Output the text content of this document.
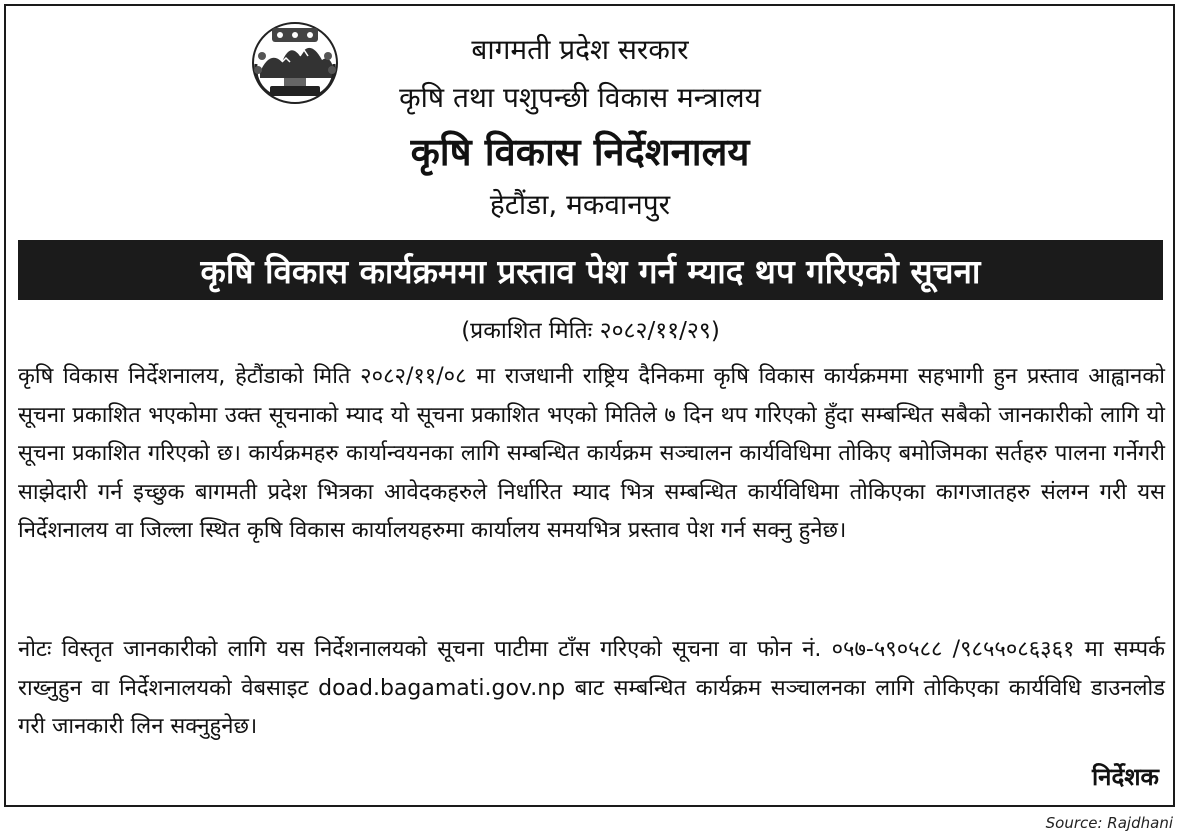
बागमती प्रदेश सरकार
कृषि तथा पशुपन्छी विकास मन्त्रालय
कृषि विकास निर्देशनालय
हेटौंडा, मकवानपुर
कृषि विकास कार्यक्रममा प्रस्ताव पेश गर्न म्याद थप गरिएको सूचना
(प्रकाशित मितिः २०८२/११/२९)

कृषि विकास निर्देशनालय, हेटौंडाको मिति २०८२/११/०८ मा राजधानी राष्ट्रिय दैनिकमा कृषि विकास कार्यक्रममा सहभागी हुन प्रस्ताव आह्वानको सूचना प्रकाशित भएकोमा उक्त सूचनाको म्याद यो सूचना प्रकाशित भएको मितिले ७ दिन थप गरिएको हुँदा सम्बन्धित सबैको जानकारीको लागि यो सूचना प्रकाशित गरिएको छ। कार्यक्रमहरु कार्यान्वयनका लागि सम्बन्धित कार्यक्रम सञ्चालन कार्यविधिमा तोकिए बमोजिमका सर्तहरु पालना गर्नेगरी साझेदारी गर्न इच्छुक बागमती प्रदेश भित्रका आवेदकहरुले निर्धारित म्याद भित्र सम्बन्धित कार्यविधिमा तोकिएका कागजातहरु संलग्न गरी यस निर्देशनालय वा जिल्ला स्थित कृषि विकास कार्यालयहरुमा कार्यालय समयभित्र प्रस्ताव पेश गर्न सक्नु हुनेछ।

नोटः विस्तृत जानकारीको लागि यस निर्देशनालयको सूचना पाटीमा टाँस गरिएको सूचना वा फोन नं. ०५७-५९०५८८ /९८५५०८६३६१ मा सम्पर्क राख्नुहुन वा निर्देशनालयको वेबसाइट doad.bagamati.gov.np बाट सम्बन्धित कार्यक्रम सञ्चालनका लागि तोकिएका कार्यविधि डाउनलोड गरी जानकारी लिन सक्नुहुनेछ।

निर्देशक
Source: Rajdhani
